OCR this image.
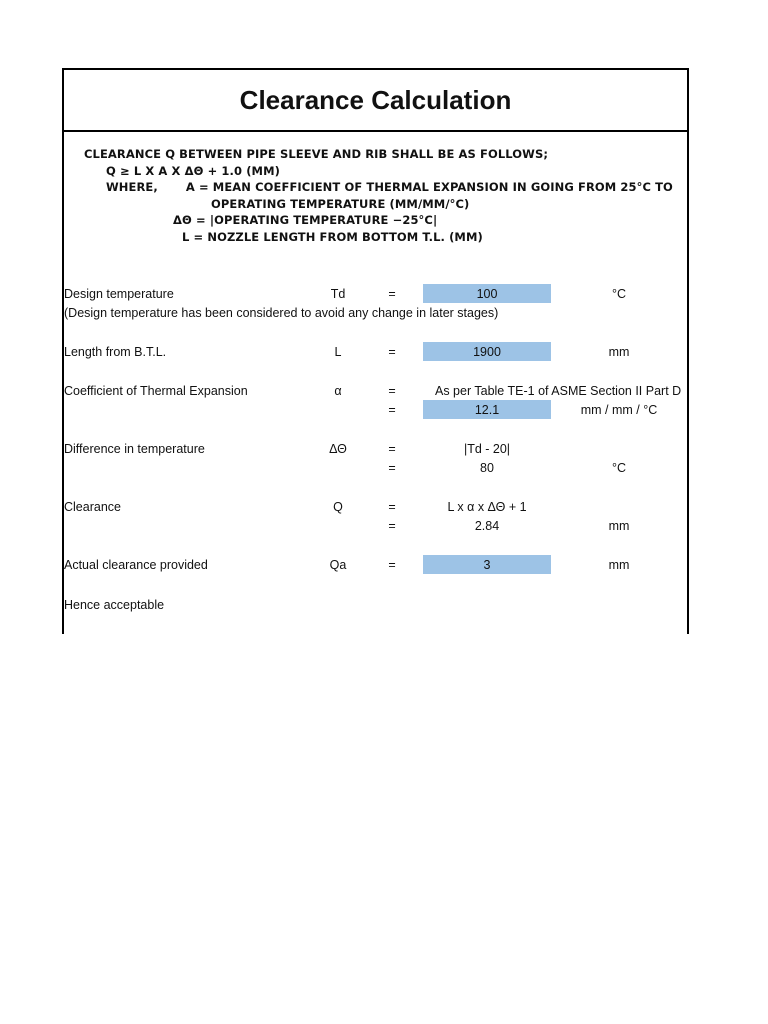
Clearance Calculation
CLEARANCE Q BETWEEN PIPE SLEEVE AND RIB SHALL BE AS FOLLOWS;
Q ≥ L X Α X ΔΘ + 1.0 (MM)
WHERE, Α = MEAN COEFFICIENT OF THERMAL EXPANSION IN GOING FROM 25°C TO
OPERATING TEMPERATURE (MM/MM/°C)
ΔΘ = |OPERATING TEMPERATURE −25°C|
L = NOZZLE LENGTH FROM BOTTOM T.L. (MM)
Design temperature	Td	=	100	°C
(Design temperature has been considered to avoid any change in later stages)
Length from B.T.L.	L	=	1900	mm
Coefficient of Thermal Expansion	α	=	As per Table TE-1 of ASME Section II Part D
=	12.1	mm / mm / °C
Difference in temperature	ΔΘ	=	|Td - 20|
=	80	°C
Clearance	Q	=	L x α x ΔΘ + 1
=	2.84	mm
Actual clearance provided	Qa	=	3	mm
Hence acceptable
